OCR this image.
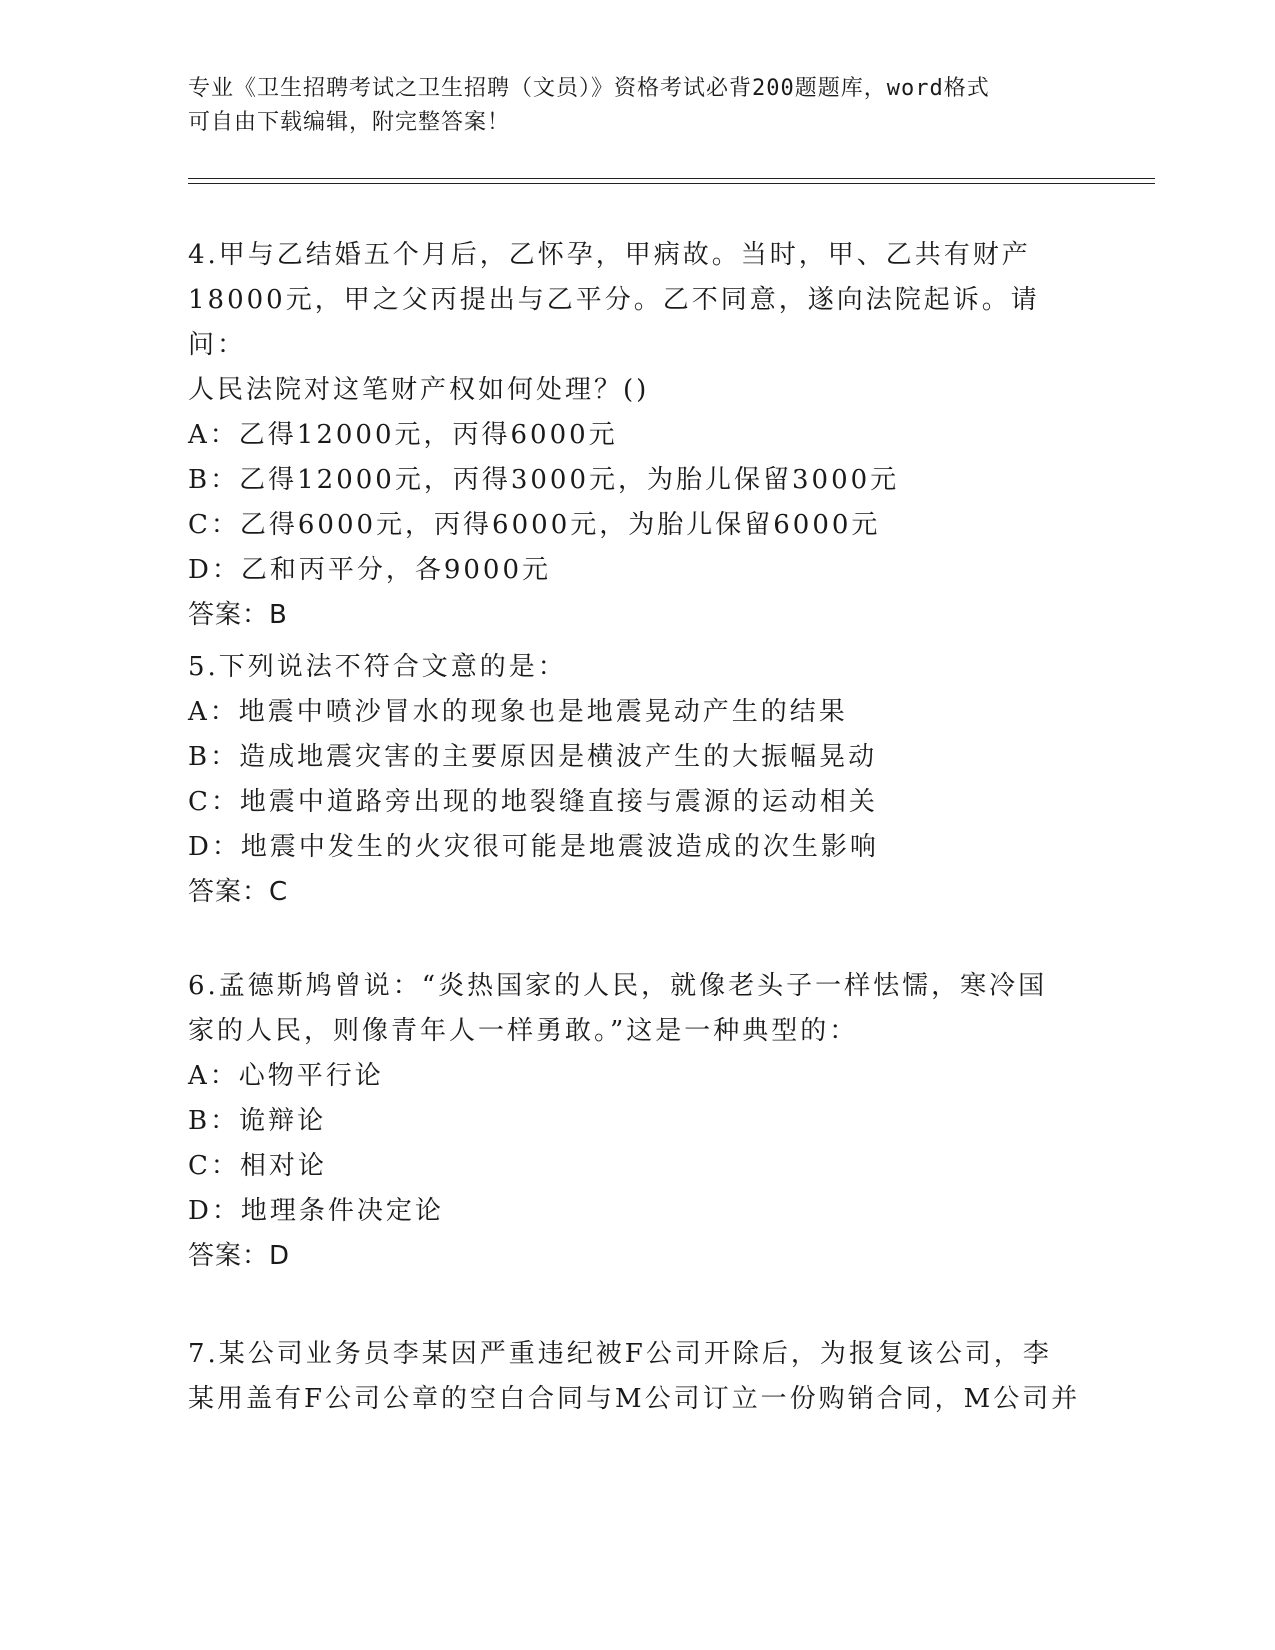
专业《卫生招聘考试之卫生招聘（文员）》资格考试必背200题题库，word格式
可自由下载编辑，附完整答案！

4.甲与乙结婚五个月后，乙怀孕，甲病故。当时，甲、乙共有财产

18000元，甲之父丙提出与乙平分。乙不同意，遂向法院起诉。请问：

人民法院对这笔财产权如何处理？()

A：乙得12000元，丙得6000元

B：乙得12000元，丙得3000元，为胎儿保留3000元

C：乙得6000元，丙得6000元，为胎儿保留6000元

D：乙和丙平分，各9000元

答案：B

5.下列说法不符合文意的是：

A：地震中喷沙冒水的现象也是地震晃动产生的结果

B：造成地震灾害的主要原因是横波产生的大振幅晃动

C：地震中道路旁出现的地裂缝直接与震源的运动相关

D：地震中发生的火灾很可能是地震波造成的次生影响

答案：C

6.孟德斯鸠曾说：“炎热国家的人民，就像老头子一样怯懦，寒冷国

家的人民，则像青年人一样勇敢。”这是一种典型的：

A：心物平行论

B：诡辩论

C：相对论

D：地理条件决定论

答案：D

7.某公司业务员李某因严重违纪被F公司开除后，为报复该公司，李

某用盖有F公司公章的空白合同与M公司订立一份购销合同，M公司并
